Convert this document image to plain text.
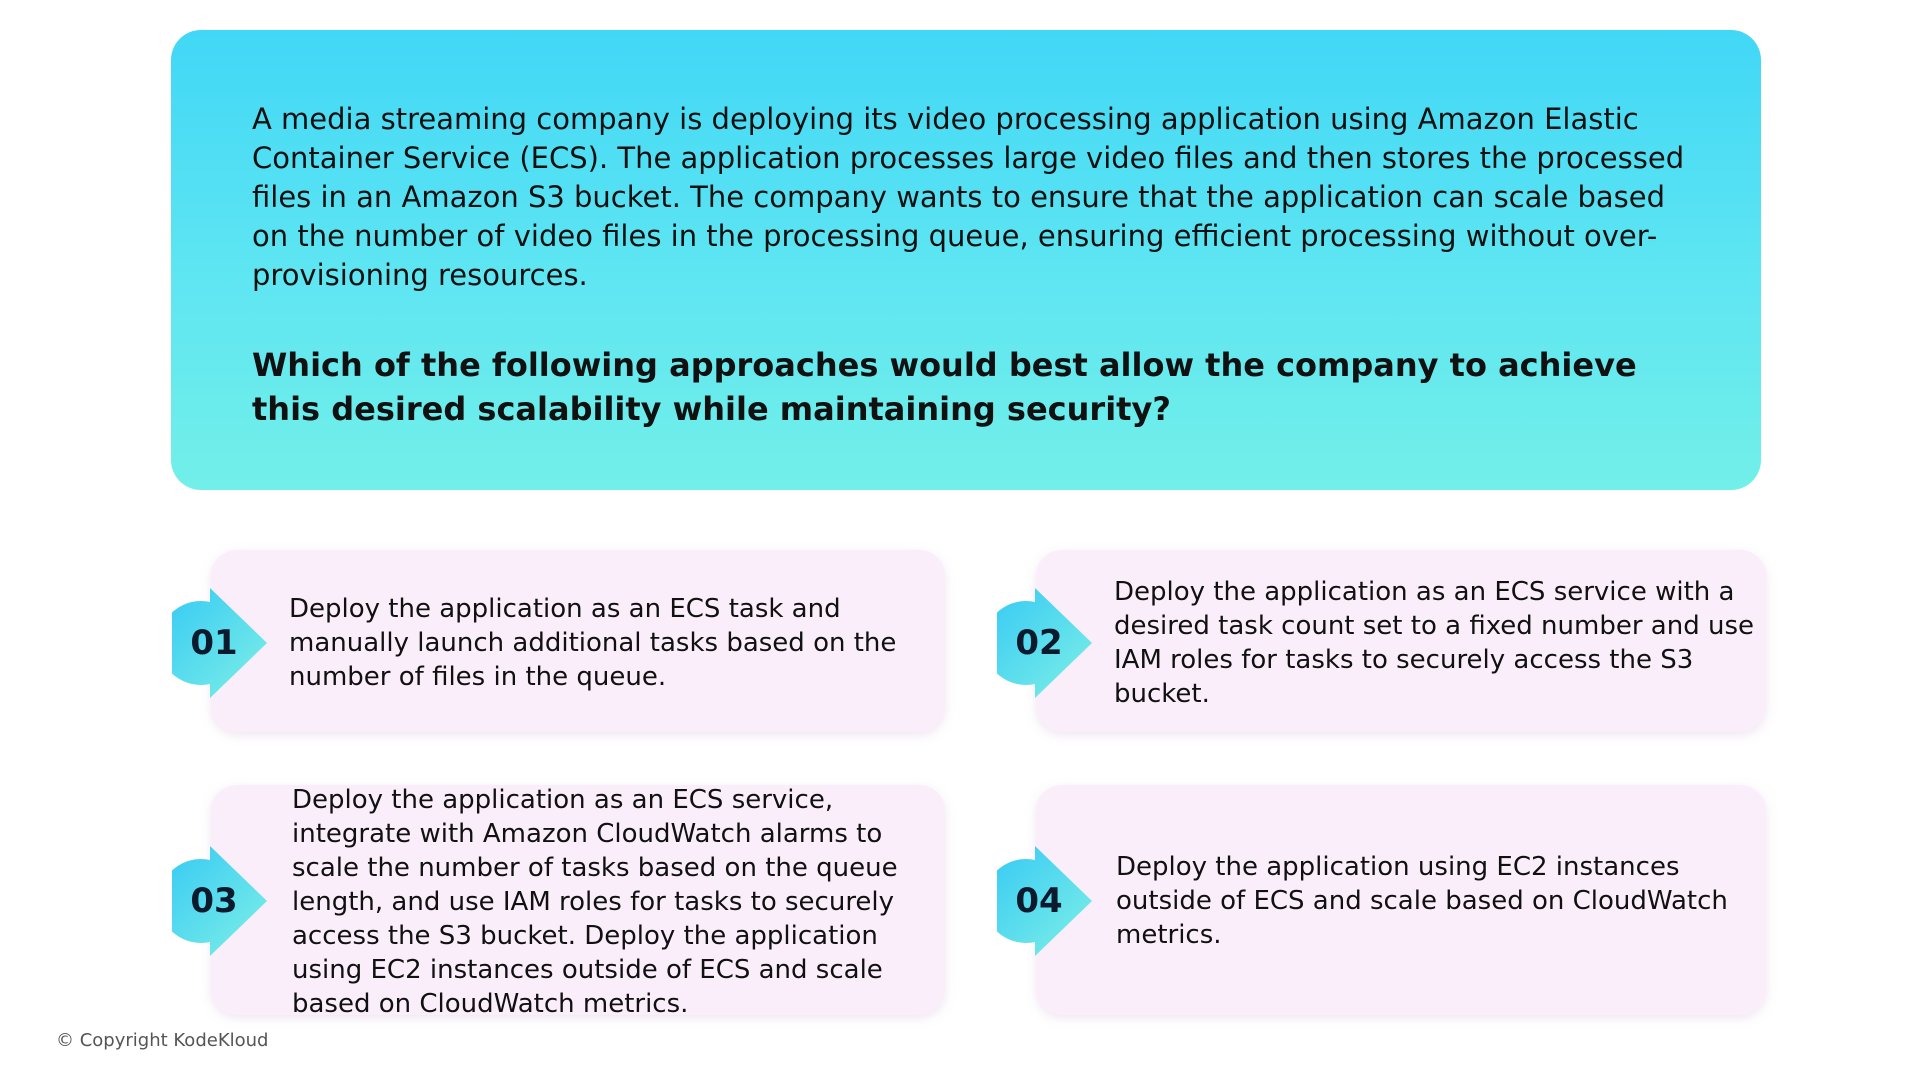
A media streaming company is deploying its video processing application using Amazon Elastic Container Service (ECS). The application processes large video files and then stores the processed files in an Amazon S3 bucket. The company wants to ensure that the application can scale based on the number of video files in the processing queue, ensuring efficient processing without over-provisioning resources.

Which of the following approaches would best allow the company to achieve this desired scalability while maintaining security?

01

Deploy the application as an ECS task and manually launch additional tasks based on the number of files in the queue.

02

Deploy the application as an ECS service with a desired task count set to a fixed number and use IAM roles for tasks to securely access the S3 bucket.

03

Deploy the application as an ECS service, integrate with Amazon CloudWatch alarms to scale the number of tasks based on the queue length, and use IAM roles for tasks to securely access the S3 bucket. Deploy the application using EC2 instances outside of ECS and scale based on CloudWatch metrics.

04

Deploy the application using EC2 instances outside of ECS and scale based on CloudWatch metrics.

© Copyright KodeKloud
